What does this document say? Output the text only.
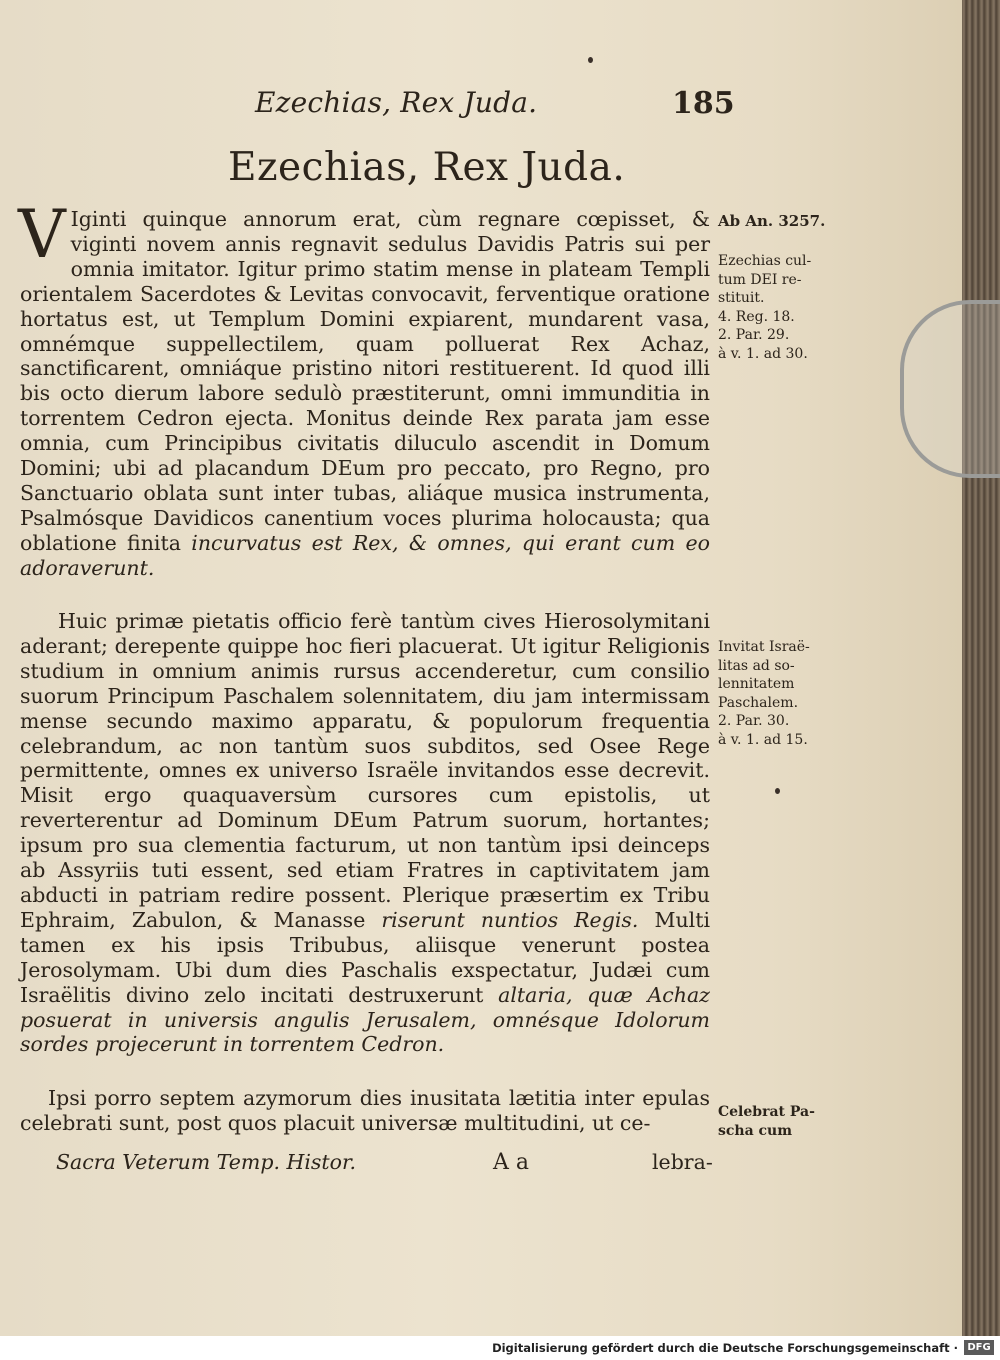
Ezechias, Rex Juda.	185
Ezechias, Rex Juda.

V Iginti quinque annorum erat, cùm regnare cœpisset, & viginti novem annis regnavit sedulus Davidis Patris sui per omnia imitator. Igitur primo statim mense in plateam Templi orientalem Sacerdotes & Levitas convocavit, ferventique oratione hortatus est, ut Templum Domini expiarent, mundarent vasa, omnémque suppellectilem, quam polluerat Rex Achaz, sanctificarent, omniáque pristino nitori restituerent. Id quod illi bis octo dierum labore sedulò præstiterunt, omni immunditia in torrentem Cedron ejecta. Monitus deinde Rex parata jam esse omnia, cum Principibus civitatis diluculo ascendit in Domum Domini; ubi ad placandum DEum pro peccato, pro Regno, pro Sanctuario oblata sunt inter tubas, aliáque musica instrumenta, Psalmósque Davidicos canentium voces plurima holocausta; qua oblatione finita incurvatus est Rex, & omnes, qui erant cum eo adoraverunt.

Huic primæ pietatis officio ferè tantùm cives Hierosolymitani aderant; derepente quippe hoc fieri placuerat. Ut igitur Religionis studium in omnium animis rursus accenderetur, cum consilio suorum Principum Paschalem solennitatem, diu jam intermissam mense secundo maximo apparatu, & populorum frequentia celebrandum, ac non tantùm suos subditos, sed Osee Rege permittente, omnes ex universo Israële invitandos esse decrevit. Misit ergo quaquaversùm cursores cum epistolis, ut reverterentur ad Dominum DEum Patrum suorum, hortantes; ipsum pro sua clementia facturum, ut non tantùm ipsi deinceps ab Assyriis tuti essent, sed etiam Fratres in captivitatem jam abducti in patriam redire possent. Plerique præsertim ex Tribu Ephraim, Zabulon, & Manasse riserunt nuntios Regis. Multi tamen ex his ipsis Tribubus, aliisque venerunt postea Jerosolymam. Ubi dum dies Paschalis exspectatur, Judæi cum Israëlitis divino zelo incitati destruxerunt altaria, quæ Achaz posuerat in universis angulis Jerusalem, omnésque Idolorum sordes projecerunt in torrentem Cedron.

Ipsi porro septem azymorum dies inusitata lætitia inter epulas celebrati sunt, post quos placuit universæ multitudini, ut ce-

Ab An. 3257.
Ezechias cul-
tum DEI re-
stituit.
4. Reg. 18.
2. Par. 29.
à v. 1. ad 30.
Invitat Israë-
litas ad so-
lennitatem
Paschalem.
2. Par. 30.
à v. 1. ad 15.
Celebrat Pa-
scha cum
Sacra Veterum Temp. Histor.	A a	lebra-
Digitalisierung gefördert durch die Deutsche Forschungsgemeinschaft · DFG
